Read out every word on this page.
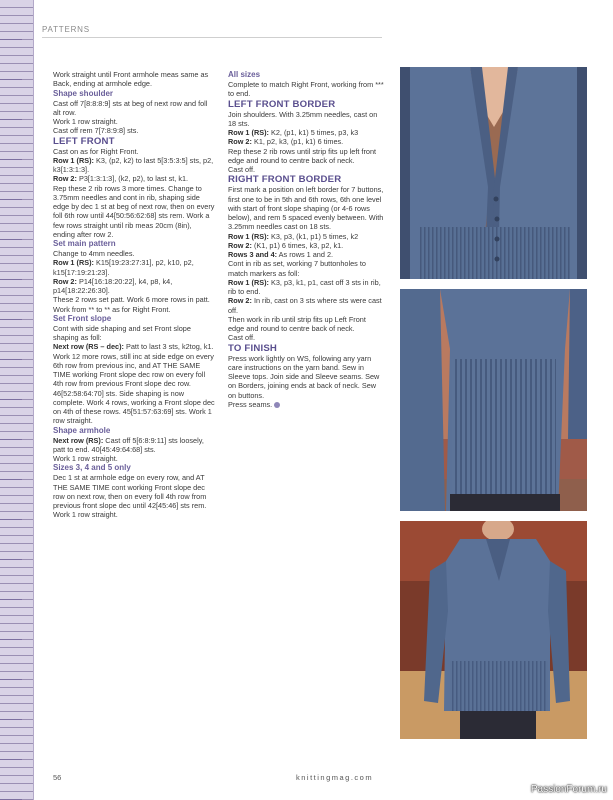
PATTERNS

Work straight until Front armhole meas same as Back, ending at armhole edge.

Shape shoulder

Cast off 7[8:8:8:9] sts at beg of next row and foll alt row.

Work 1 row straight.

Cast off rem 7[7:8:9:8] sts.

LEFT FRONT

Cast on as for Right Front.

Row 1 (RS): K3, (p2, k2) to last 5[3:5:3:5] sts, p2, k3[1:3:1:3].

Row 2: P3[1:3:1:3], (k2, p2), to last st, k1.

Rep these 2 rib rows 3 more times. Change to 3.75mm needles and cont in rib, shaping side edge by dec 1 st at beg of next row, then on every foll 6th row until 44[50:56:62:68] sts rem. Work a few rows straight until rib meas 20cm (8in), ending after row 2.

Set main pattern

Change to 4mm needles.

Row 1 (RS): K15[19:23:27:31], p2, k10, p2, k15[17:19:21:23].

Row 2: P14[16:18:20:22], k4, p8, k4, p14[18:22:26:30].

These 2 rows set patt. Work 6 more rows in patt. Work from ** to ** as for Right Front.

Set Front slope

Cont with side shaping and set Front slope shaping as foll:

Next row (RS – dec): Patt to last 3 sts, k2tog, k1.

Work 12 more rows, still inc at side edge on every 6th row from previous inc, and AT THE SAME TIME working Front slope dec row on every foll 4th row from previous Front slope dec row. 46[52:58:64:70] sts. Side shaping is now complete. Work 4 rows, working a Front slope dec on 4th of these rows. 45[51:57:63:69] sts. Work 1 row straight.

Shape armhole

Next row (RS): Cast off 5[6:8:9:11] sts loosely, patt to end. 40[45:49:64:68] sts.

Work 1 row straight.

Sizes 3, 4 and 5 only

Dec 1 st at armhole edge on every row, and AT THE SAME TIME cont working Front slope dec row on next row, then on every foll 4th row from previous front slope dec until 42[45:46] sts rem.

Work 1 row straight.

All sizes

Complete to match Right Front, working from *** to end.

LEFT FRONT BORDER

Join shoulders. With 3.25mm needles, cast on 18 sts.

Row 1 (RS): K2, (p1, k1) 5 times, p3, k3

Row 2: K1, p2, k3, (p1, k1) 6 times.

Rep these 2 rib rows until strip fits up left front edge and round to centre back of neck.

Cast off.

RIGHT FRONT BORDER

First mark a position on left border for 7 buttons, first one to be in 5th and 6th rows, 6th one level with start of front slope shaping (or 4-6 rows below), and rem 5 spaced evenly between. With 3.25mm needles cast on 18 sts.

Row 1 (RS): K3, p3, (k1, p1) 5 times, k2

Row 2: (K1, p1) 6 times, k3, p2, k1.

Rows 3 and 4: As rows 1 and 2.

Cont in rib as set, working 7 buttonholes to match markers as foll:

Row 1 (RS): K3, p3, k1, p1, cast off 3 sts in rib, rib to end.

Row 2: In rib, cast on 3 sts where sts were cast off.

Then work in rib until strip fits up Left Front edge and round to centre back of neck.

Cast off.

TO FINISH

Press work lightly on WS, following any yarn care instructions on the yarn band. Sew in Sleeve tops. Join side and Sleeve seams. Sew on Borders, joining ends at back of neck. Sew on buttons.

Press seams.

56	knittingmag.com
PassionForum.ru
